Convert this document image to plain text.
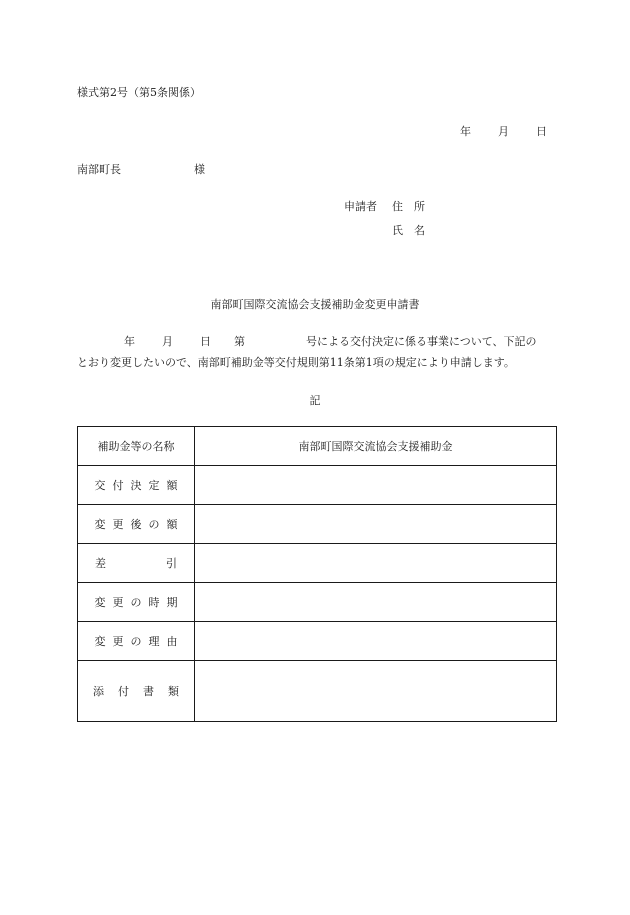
様式第2号（第5条関係）
年 月 日
南部町長	様
申請者 住　所
氏　名
南部町国際交流協会支援補助金変更申請書
年 月 日 第	号による交付決定に係る事業について、下記の
とおり変更したいので、南部町補助金等交付規則第11条第1項の規定により申請します。
記
補助金等の名称	南部町国際交流協会支援補助金
交付決定額	
変更後の額	
差引	
変更の時期	
変更の理由	
添付書類	
